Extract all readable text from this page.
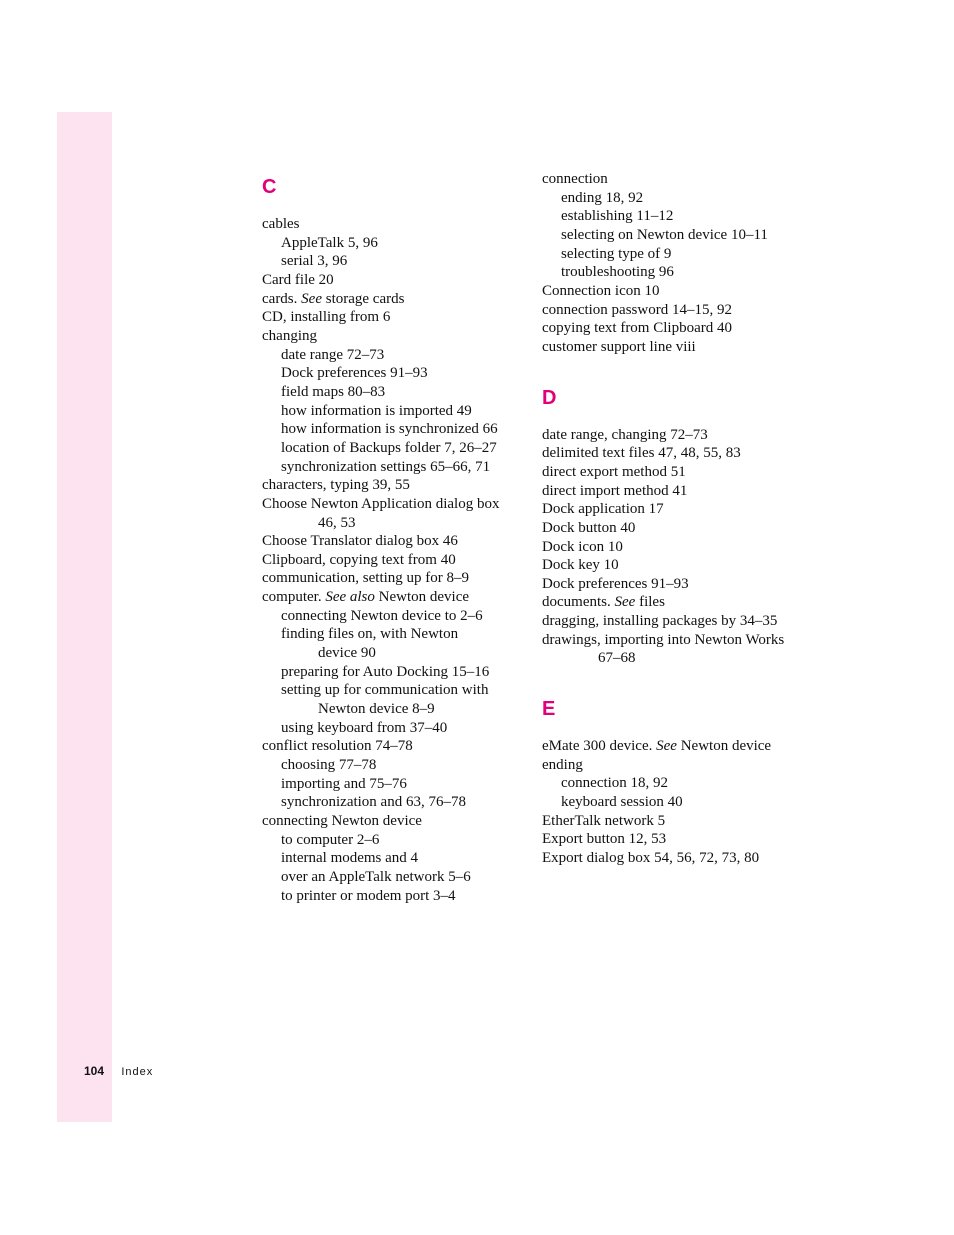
C
cables
AppleTalk 5, 96
serial 3, 96
Card file 20
cards. See storage cards
CD, installing from 6
changing
date range 72–73
Dock preferences 91–93
field maps 80–83
how information is imported 49
how information is synchronized 66
location of Backups folder 7, 26–27
synchronization settings 65–66, 71
characters, typing 39, 55
Choose Newton Application dialog box
46, 53
Choose Translator dialog box 46
Clipboard, copying text from 40
communication, setting up for 8–9
computer. See also Newton device
connecting Newton device to 2–6
finding files on, with Newton
device 90
preparing for Auto Docking 15–16
setting up for communication with
Newton device 8–9
using keyboard from 37–40
conflict resolution 74–78
choosing 77–78
importing and 75–76
synchronization and 63, 76–78
connecting Newton device
to computer 2–6
internal modems and 4
over an AppleTalk network 5–6
to printer or modem port 3–4
connection
ending 18, 92
establishing 11–12
selecting on Newton device 10–11
selecting type of 9
troubleshooting 96
Connection icon 10
connection password 14–15, 92
copying text from Clipboard 40
customer support line viii
D
date range, changing 72–73
delimited text files 47, 48, 55, 83
direct export method 51
direct import method 41
Dock application 17
Dock button 40
Dock icon 10
Dock key 10
Dock preferences 91–93
documents. See files
dragging, installing packages by 34–35
drawings, importing into Newton Works
67–68
E
eMate 300 device. See Newton device
ending
connection 18, 92
keyboard session 40
EtherTalk network 5
Export button 12, 53
Export dialog box 54, 56, 72, 73, 80
104 Index
